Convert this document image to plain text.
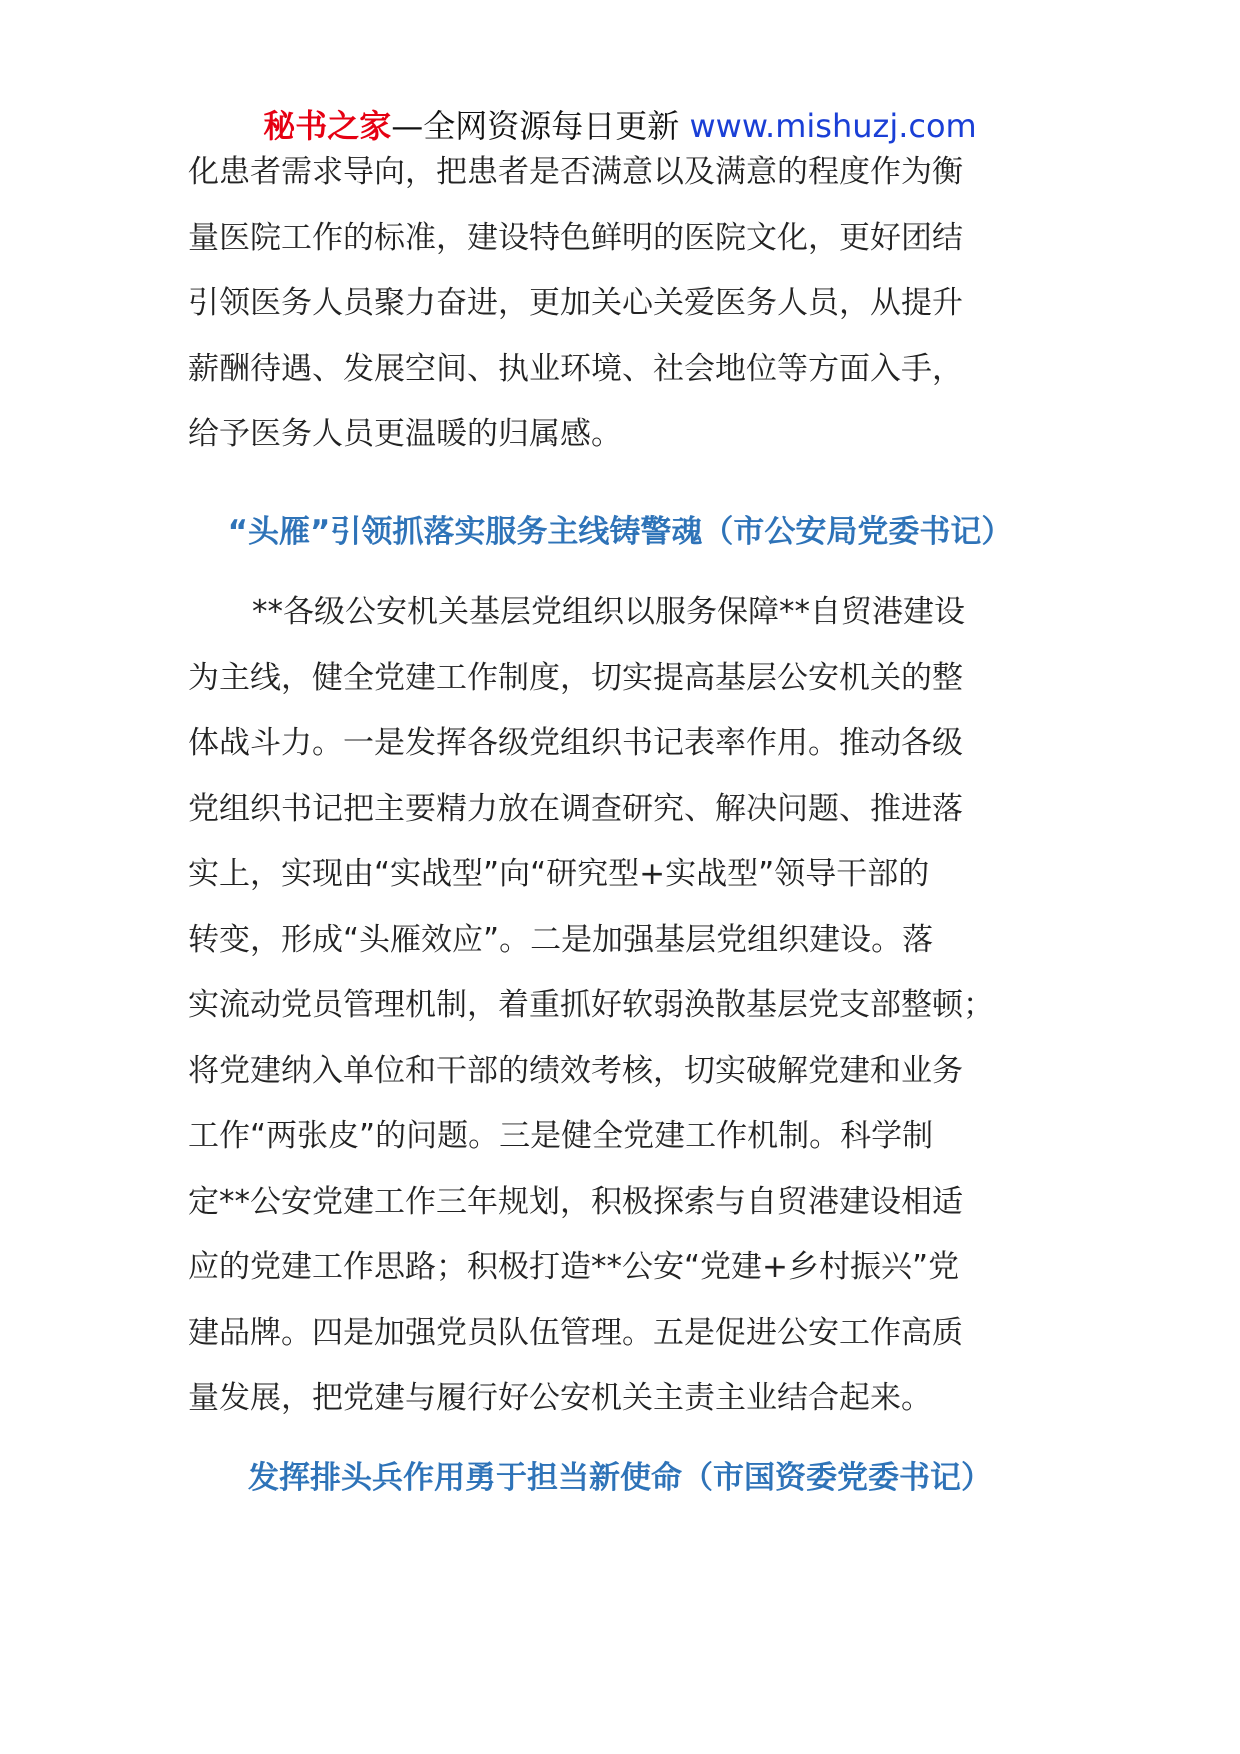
秘书之家—全网资源每日更新 www.mishuzj.com
化患者需求导向，把患者是否满意以及满意的程度作为衡
量医院工作的标准，建设特色鲜明的医院文化，更好团结
引领医务人员聚力奋进，更加关心关爱医务人员，从提升
薪酬待遇、发展空间、执业环境、社会地位等方面入手，
给予医务人员更温暖的归属感。
“头雁”引领抓落实服务主线铸警魂（市公安局党委书记）
**各级公安机关基层党组织以服务保障**自贸港建设
为主线，健全党建工作制度，切实提高基层公安机关的整
体战斗力。一是发挥各级党组织书记表率作用。推动各级
党组织书记把主要精力放在调查研究、解决问题、推进落
实上，实现由“实战型”向“研究型+实战型”领导干部的
转变，形成“头雁效应”。二是加强基层党组织建设。落
实流动党员管理机制，着重抓好软弱涣散基层党支部整顿；
将党建纳入单位和干部的绩效考核，切实破解党建和业务
工作“两张皮”的问题。三是健全党建工作机制。科学制
定**公安党建工作三年规划，积极探索与自贸港建设相适
应的党建工作思路；积极打造**公安“党建+乡村振兴”党
建品牌。四是加强党员队伍管理。五是促进公安工作高质
量发展，把党建与履行好公安机关主责主业结合起来。
发挥排头兵作用勇于担当新使命（市国资委党委书记）
